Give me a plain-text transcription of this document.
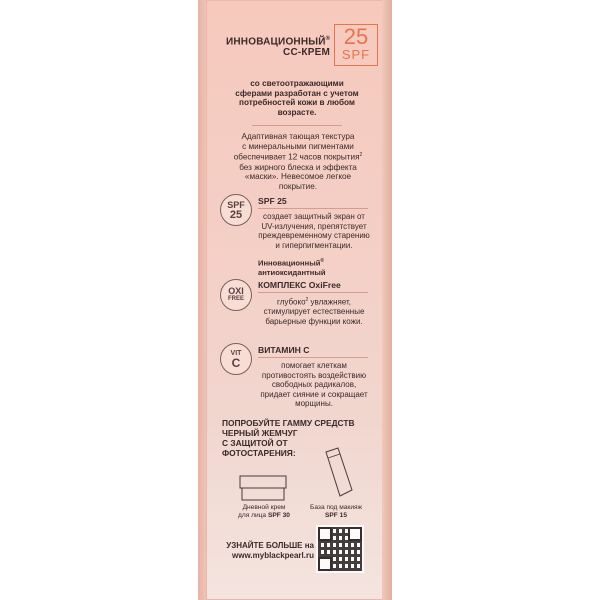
ИННОВАЦИОННЫЙ®
CC-КРЕМ
25
SPF
со светоотражающими
сферами разработан с учетом
потребностей кожи в любом
возрасте.
Адаптивная тающая текстура
с минеральными пигментами
обеспечивает 12 часов покрытия$^2$
без жирного блеска и эффекта
«маски». Невесомое легкое
покрытие.
SPF
25
SPF 25
создает защитный экран от
UV-излучения, препятствует
преждевременному старению
и гиперпигментации.
Инновационный®
антиоксидантный
OXI
FREE
КОМПЛЕКС OxiFree
глубоко$^2$ увлажняет,
стимулирует естественные
барьерные функции кожи.
VIT
C
ВИТАМИН С
помогает клеткам
противостоять воздействию
свободных радикалов,
придает сияние и сокращает
морщины.
ПОПРОБУЙТЕ ГАММУ СРЕДСТВ
ЧЕРНЫЙ ЖЕМЧУГ
С ЗАЩИТОЙ ОТ
ФОТОСТАРЕНИЯ:
Дневной крем
для лица SPF 30
База под макияж
SPF 15
УЗНАЙТЕ БОЛЬШЕ на
www.myblackpearl.ru
